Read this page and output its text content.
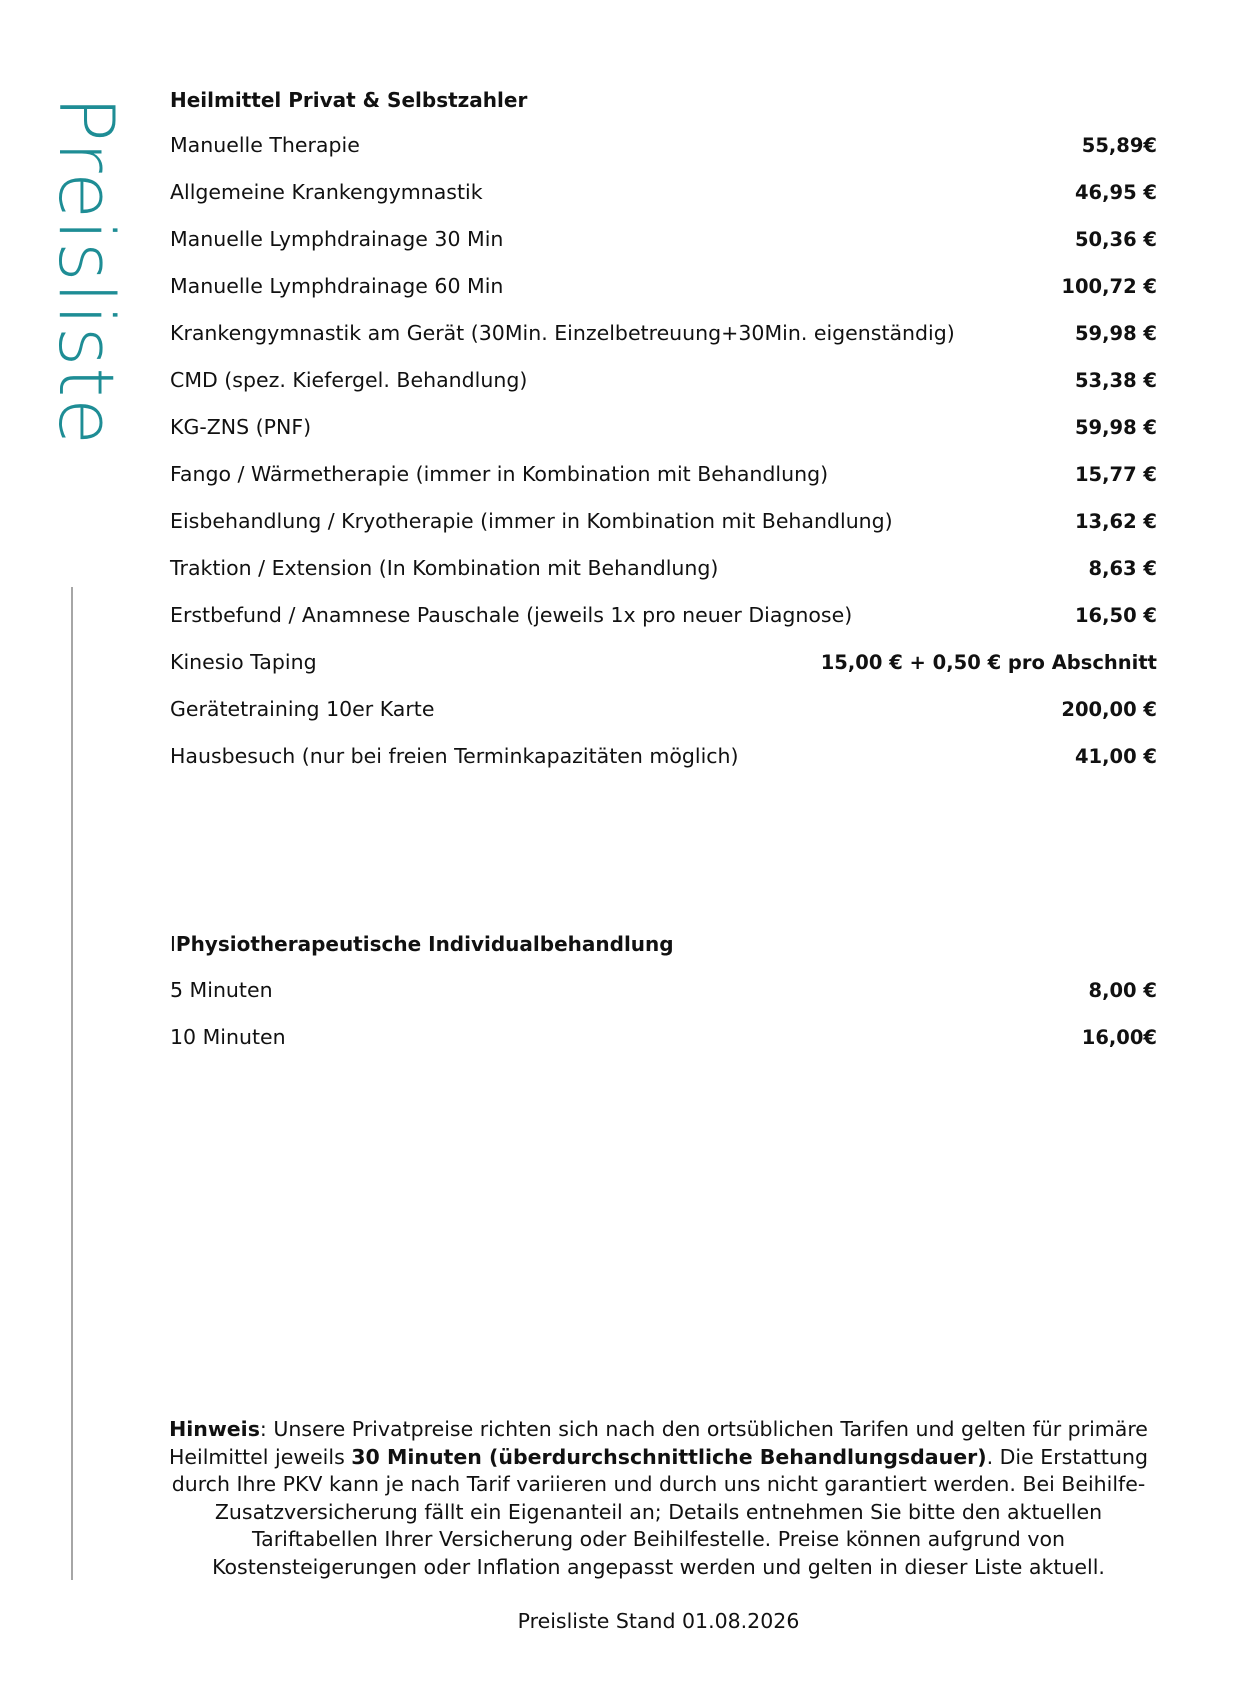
Preisliste Heilmittel Privat & Selbstzahler
Manuelle Therapie	55,89€
Allgemeine Krankengymnastik	46,95 €
Manuelle Lymphdrainage 30 Min	50,36 €
Manuelle Lymphdrainage 60 Min	100,72 €
Krankengymnastik am Gerät (30Min. Einzelbetreuung+30Min. eigenständig)	59,98 €
CMD (spez. Kiefergel. Behandlung)	53,38 €
KG-ZNS (PNF)	59,98 €
Fango / Wärmetherapie (immer in Kombination mit Behandlung)	15,77 €
Eisbehandlung / Kryotherapie (immer in Kombination mit Behandlung)	13,62 €
Traktion / Extension (In Kombination mit Behandlung)	8,63 €
Erstbefund / Anamnese Pauschale (jeweils 1x pro neuer Diagnose)	16,50 €
Kinesio Taping	15,00 € + 0,50 € pro Abschnitt
Gerätetraining 10er Karte	200,00 €
Hausbesuch (nur bei freien Terminkapazitäten möglich)	41,00 €
IPhysiotherapeutische Individualbehandlung
5 Minuten	8,00 €
10 Minuten	16,00€
Hinweis: Unsere Privatpreise richten sich nach den ortsüblichen Tarifen und gelten für primäre Heilmittel jeweils 30 Minuten (überdurchschnittliche Behandlungsdauer). Die Erstattung durch Ihre PKV kann je nach Tarif variieren und durch uns nicht garantiert werden. Bei Beihilfe-Zusatzversicherung fällt ein Eigenanteil an; Details entnehmen Sie bitte den aktuellen Tariftabellen Ihrer Versicherung oder Beihilfestelle. Preise können aufgrund von Kostensteigerungen oder Inflation angepasst werden und gelten in dieser Liste aktuell.
Preisliste Stand 01.08.2026
